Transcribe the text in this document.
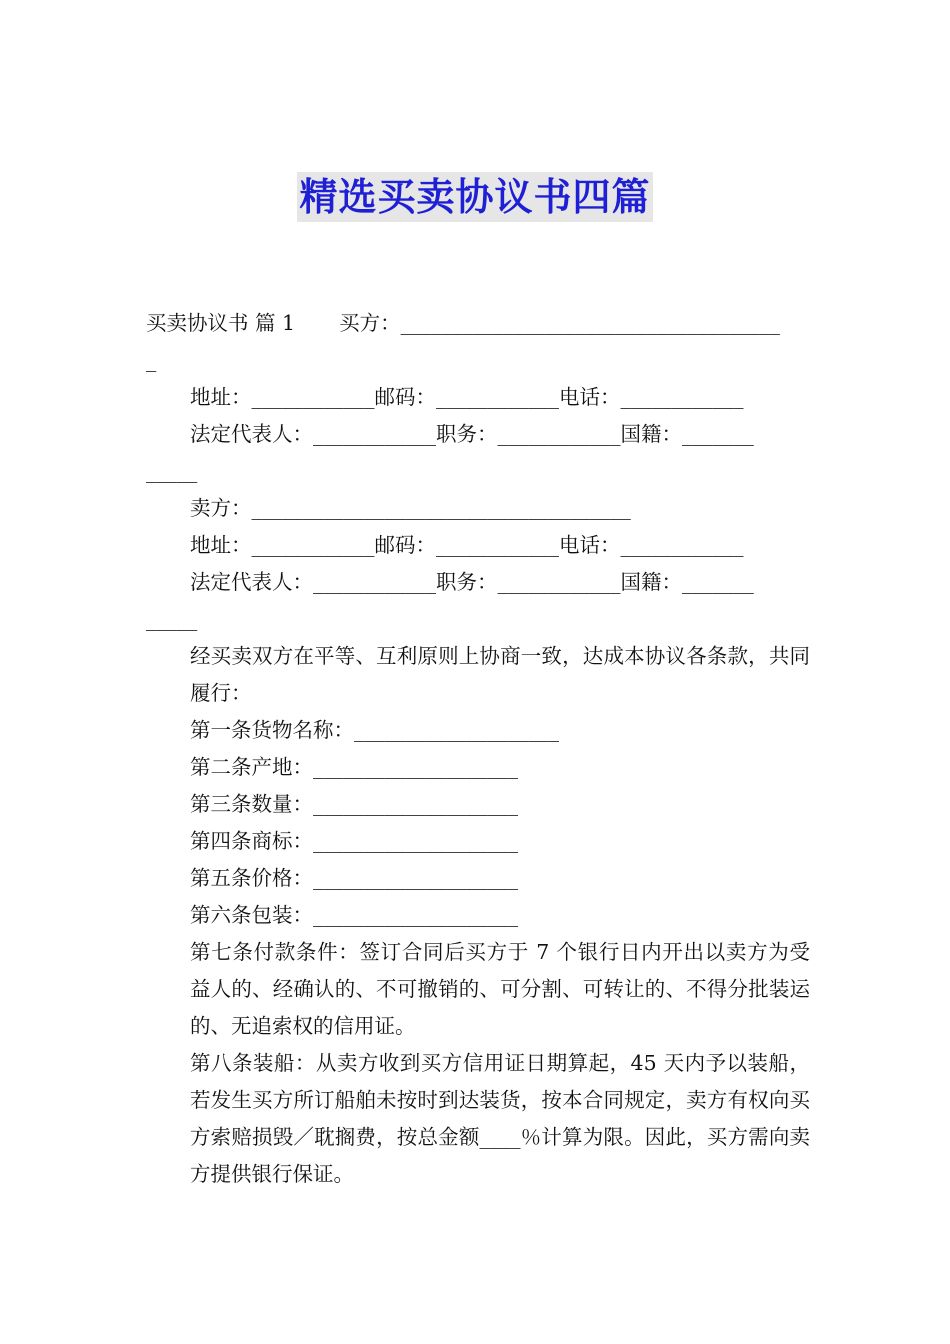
精选买卖协议书四篇
买卖协议书 篇 1 买方：_____________________________________
_
地址：____________邮码：____________电话：____________
法定代表人：____________职务：____________国籍：_______
_____
卖方：_____________________________________
地址：____________邮码：____________电话：____________
法定代表人：____________职务：____________国籍：_______
_____
经买卖双方在平等、互利原则上协商一致，达成本协议各条款，共同履行：
第一条货物名称：____________________
第二条产地：____________________
第三条数量：____________________
第四条商标：____________________
第五条价格：____________________
第六条包装：____________________
第七条付款条件：签订合同后买方于 7 个银行日内开出以卖方为受益人的、经确认的、不可撤销的、可分割、可转让的、不得分批装运的、无追索权的信用证。
第八条装船：从卖方收到买方信用证日期算起，45 天内予以装船，若发生买方所订船舶未按时到达装货，按本合同规定，卖方有权向买方索赔损毁／耽搁费，按总金额____％计算为限。因此，买方需向卖方提供银行保证。
